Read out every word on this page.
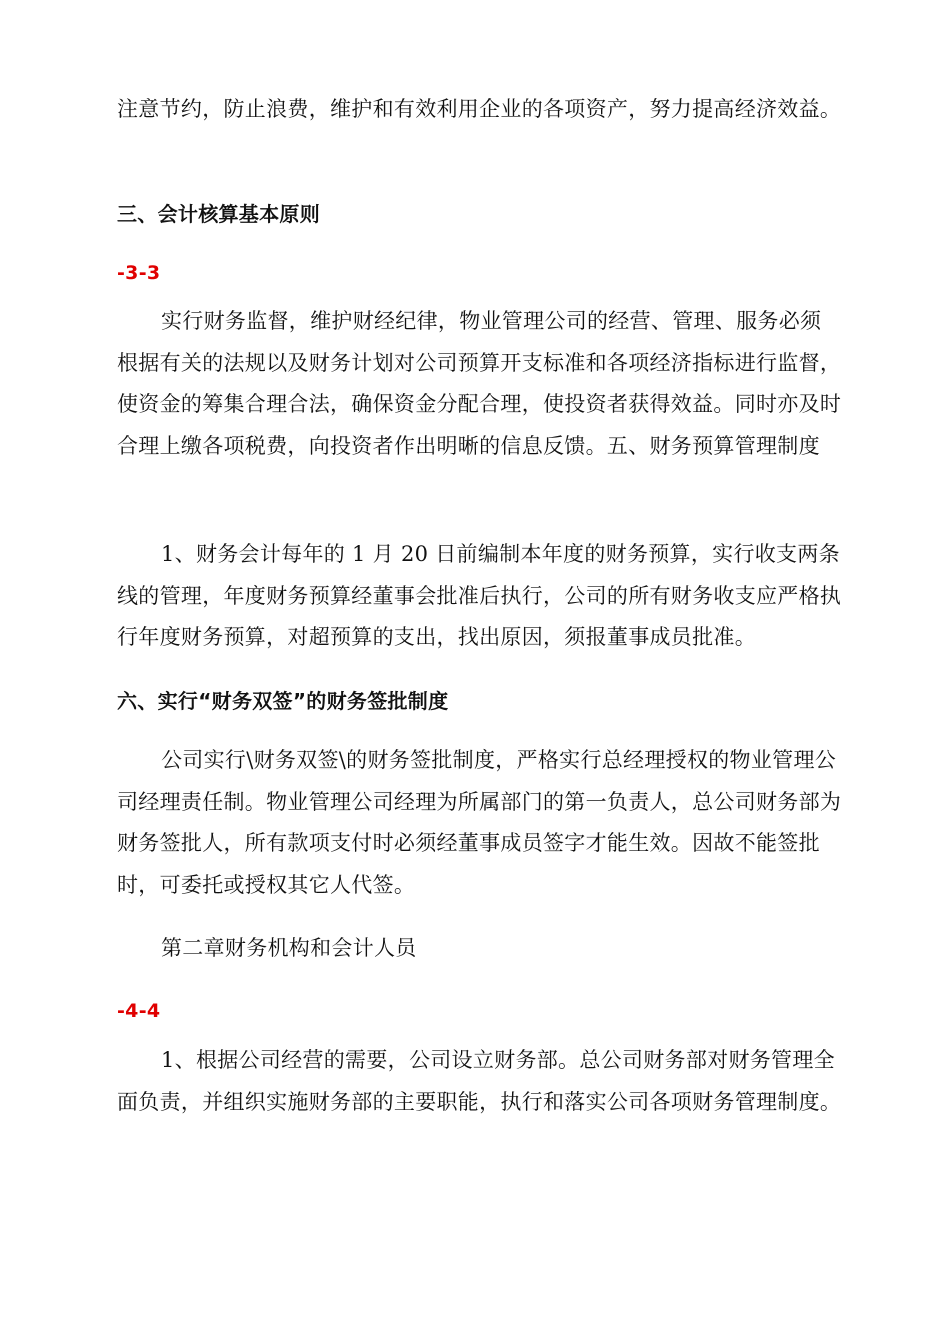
注意节约，防止浪费，维护和有效利用企业的各项资产，努力提高经济效益。

三、会计核算基本原则

-3-3

实行财务监督，维护财经纪律，物业管理公司的经营、管理、服务必须根据有关的法规以及财务计划对公司预算开支标准和各项经济指标进行监督，使资金的筹集合理合法，确保资金分配合理，使投资者获得效益。同时亦及时合理上缴各项税费，向投资者作出明晰的信息反馈。五、财务预算管理制度

1、财务会计每年的 1 月 20 日前编制本年度的财务预算，实行收支两条线的管理，年度财务预算经董事会批准后执行，公司的所有财务收支应严格执行年度财务预算，对超预算的支出，找出原因，须报董事成员批准。

六、实行“财务双签”的财务签批制度

公司实行\财务双签\的财务签批制度，严格实行总经理授权的物业管理公司经理责任制。物业管理公司经理为所属部门的第一负责人，总公司财务部为财务签批人，所有款项支付时必须经董事成员签字才能生效。因故不能签批时，可委托或授权其它人代签。

第二章财务机构和会计人员

-4-4

1、根据公司经营的需要，公司设立财务部。总公司财务部对财务管理全面负责，并组织实施财务部的主要职能，执行和落实公司各项财务管理制度。
